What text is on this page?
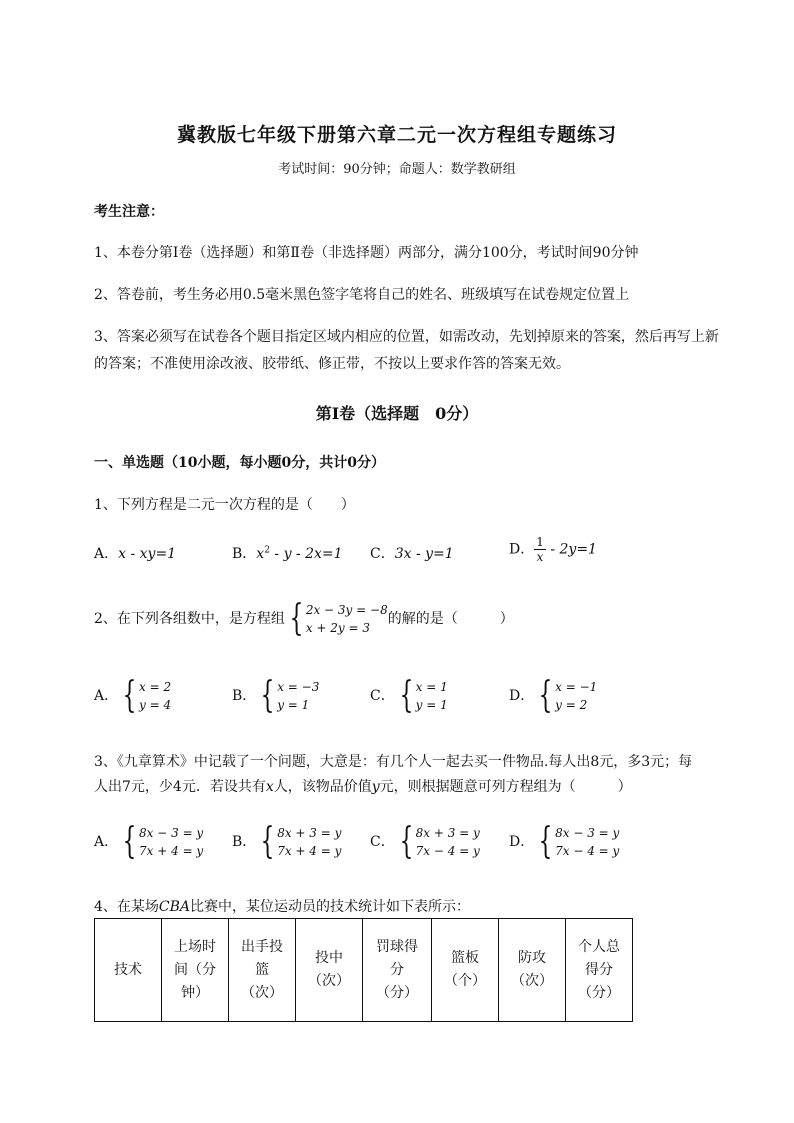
冀教版七年级下册第六章二元一次方程组专题练习
考试时间：90分钟；命题人：数学教研组
考生注意：
1、本卷分第I卷（选择题）和第Ⅱ卷（非选择题）两部分，满分100分，考试时间90分钟
2、答卷前，考生务必用0.5毫米黑色签字笔将自己的姓名、班级填写在试卷规定位置上
3、答案必须写在试卷各个题目指定区域内相应的位置，如需改动，先划掉原来的答案，然后再写上新
的答案；不准使用涂改液、胶带纸、修正带，不按以上要求作答的答案无效。
第I卷（选择题　0分）
一、单选题（10小题，每小题0分，共计0分）
1、下列方程是二元一次方程的是（　　）
A．x - xy=1	B．$x^2 - y - 2x=1$ C．3x - y=1	D． $\frac{1}{x} - 2y=1$
2、在下列各组数中，是方程组 { 2x − 3y = −8
x + 2y = 3
的解的是（　　　）
A． { x = 2
y = 4
B． { x = −3
y = 1
C． { x = 1
y = 1
D． { x = −1
y = 2
3、《九章算术》中记载了一个问题，大意是：有几个人一起去买一件物品.每人出8元，多3元；每
人出7元，少4元．若设共有x人，该物品价值y元，则根据题意可列方程组为（　　　）
A． { 8x − 3 = y
7x + 4 = y
B． { 8x + 3 = y
7x + 4 = y
C． { 8x + 3 = y
7x − 4 = y
D． { 8x − 3 = y
7x − 4 = y
4、在某场CBA比赛中，某位运动员的技术统计如下表所示：
技术	上场时
间（分
钟）	出手投
篮
（次）	投中
（次）	罚球得
分
（分）	篮板
（个）	防攻
（次）	个人总
得分
（分）
